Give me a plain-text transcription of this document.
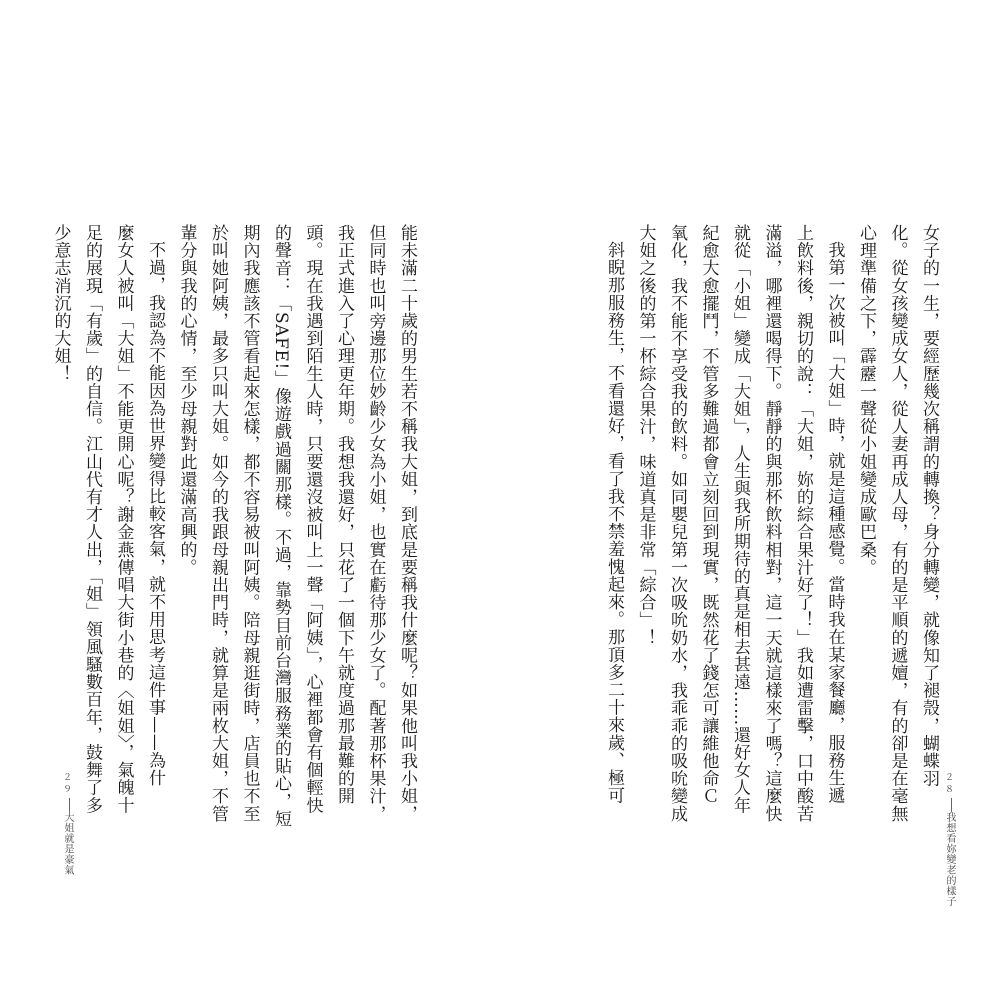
女子的一生，要經歷幾次稱謂的轉換？身分轉變，就像知了褪殼，蝴蝶羽
化。從女孩變成女人，從人妻再成人母，有的是平順的遞嬗，有的卻是在毫無
心理準備之下，霹靂一聲從小姐變成歐巴桑。
我第一次被叫「大姐」時，就是這種感覺。當時我在某家餐廳，服務生遞
上飲料後，親切的說：「大姐，妳的綜合果汁好了！」我如遭雷擊，口中酸苦
滿溢，哪裡還喝得下。靜靜的與那杯飲料相對，這一天就這樣來了嗎？這麼快
就從「小姐」變成「大姐」，人生與我所期待的真是相去甚遠……還好女人年
紀愈大愈擺鬥，不管多難過都會立刻回到現實，既然花了錢怎可讓維他命Ｃ
氧化，我不能不享受我的飲料。如同嬰兒第一次吸吮奶水，我乖乖的吸吮變成
大姐之後的第一杯綜合果汁，味道真是非常「綜合」！
斜睨那服務生，不看還好，看了我不禁羞愧起來。那頂多二十來歲、極可	２８
我想看妳變老的樣子
能未滿二十歲的男生若不稱我大姐，到底是要稱我什麼呢？如果他叫我小姐，
但同時也叫旁邊那位妙齡少女為小姐，也實在虧待那少女了。配著那杯果汁，
我正式進入了心理更年期。我想我還好，只花了一個下午就度過那最難的開
頭。現在我遇到陌生人時，只要還沒被叫上一聲「阿姨」，心裡都會有個輕快
的聲音：「SAFE!」像遊戲過關那樣。不過，靠勢目前台灣服務業的貼心，短
期內我應該不管看起來怎樣，都不容易被叫阿姨。陪母親逛街時，店員也不至
於叫她阿姨，最多只叫大姐。如今的我跟母親出門時，就算是兩枚大姐，不管
輩分與我的心情，至少母親對此還滿高興的。
不過，我認為不能因為世界變得比較客氣，就不用思考這件事——為什
麼女人被叫「大姐」不能更開心呢？謝金燕傳唱大街小巷的〈姐姐〉，氣魄十
足的展現「有歲」的自信。江山代有才人出，「姐」領風騷數百年，鼓舞了多
少意志消沉的大姐！
２９
大姐就是豪氣
